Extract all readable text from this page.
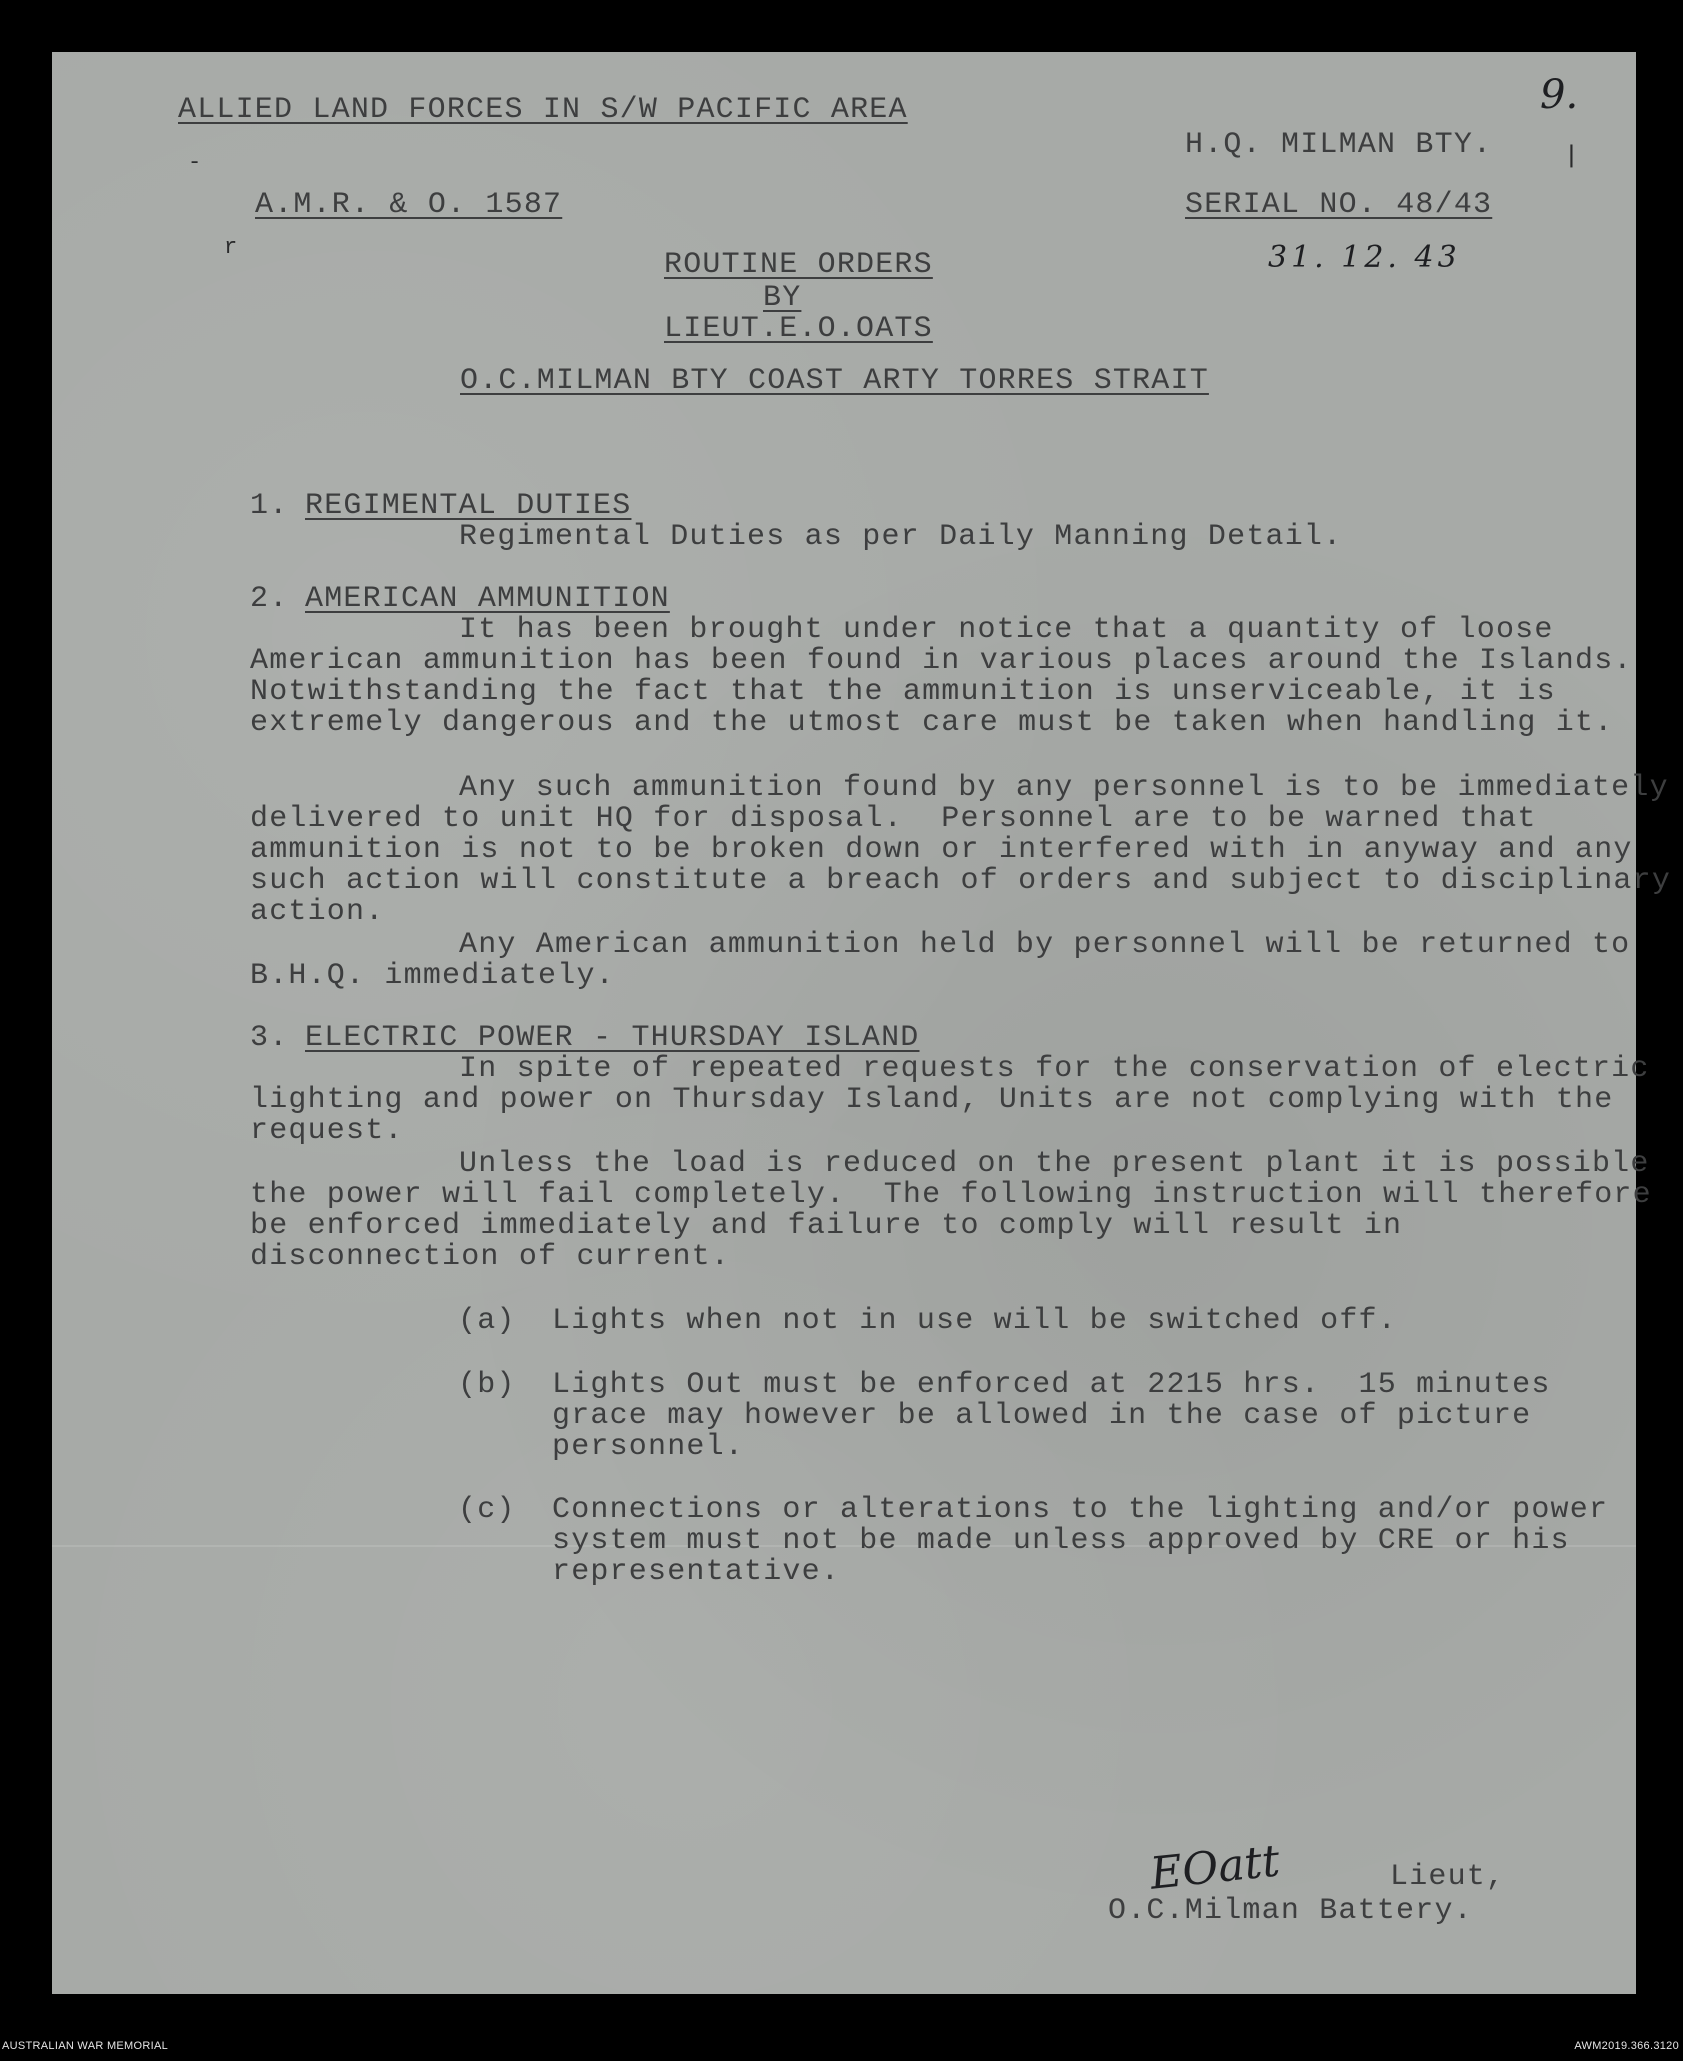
ALLIED LAND FORCES IN S/W PACIFIC AREA
H.Q. MILMAN BTY.
A.M.R. & O. 1587	SERIAL NO. 48/43
9.
31. 12. 43
❘
-
r
ROUTINE ORDERS
BY
LIEUT.E.O.OATS
O.C.MILMAN BTY COAST ARTY TORRES STRAIT
1. REGIMENTAL DUTIES
Regimental Duties as per Daily Manning Detail.
2. AMERICAN AMMUNITION
It has been brought under notice that a quantity of loose
American ammunition has been found in various places around the Islands.
Notwithstanding the fact that the ammunition is unserviceable, it is
extremely dangerous and the utmost care must be taken when handling it.
Any such ammunition found by any personnel is to be immediately
delivered to unit HQ for disposal.  Personnel are to be warned that
ammunition is not to be broken down or interfered with in anyway and any
such action will constitute a breach of orders and subject to disciplinary
action.
Any American ammunition held by personnel will be returned to
B.H.Q. immediately.
3. ELECTRIC POWER - THURSDAY ISLAND
In spite of repeated requests for the conservation of electric
lighting and power on Thursday Island, Units are not complying with the
request.
Unless the load is reduced on the present plant it is possible
the power will fail completely.  The following instruction will therefore
be enforced immediately and failure to comply will result in
disconnection of current.
(a) Lights when not in use will be switched off.
(b) Lights Out must be enforced at 2215 hrs.  15 minutes
grace may however be allowed in the case of picture
personnel.
(c) Connections or alterations to the lighting and/or power
system must not be made unless approved by CRE or his
representative.
EOatt	Lieut,
O.C.Milman Battery.
AUSTRALIAN WAR MEMORIAL	AWM2019.366.3120
